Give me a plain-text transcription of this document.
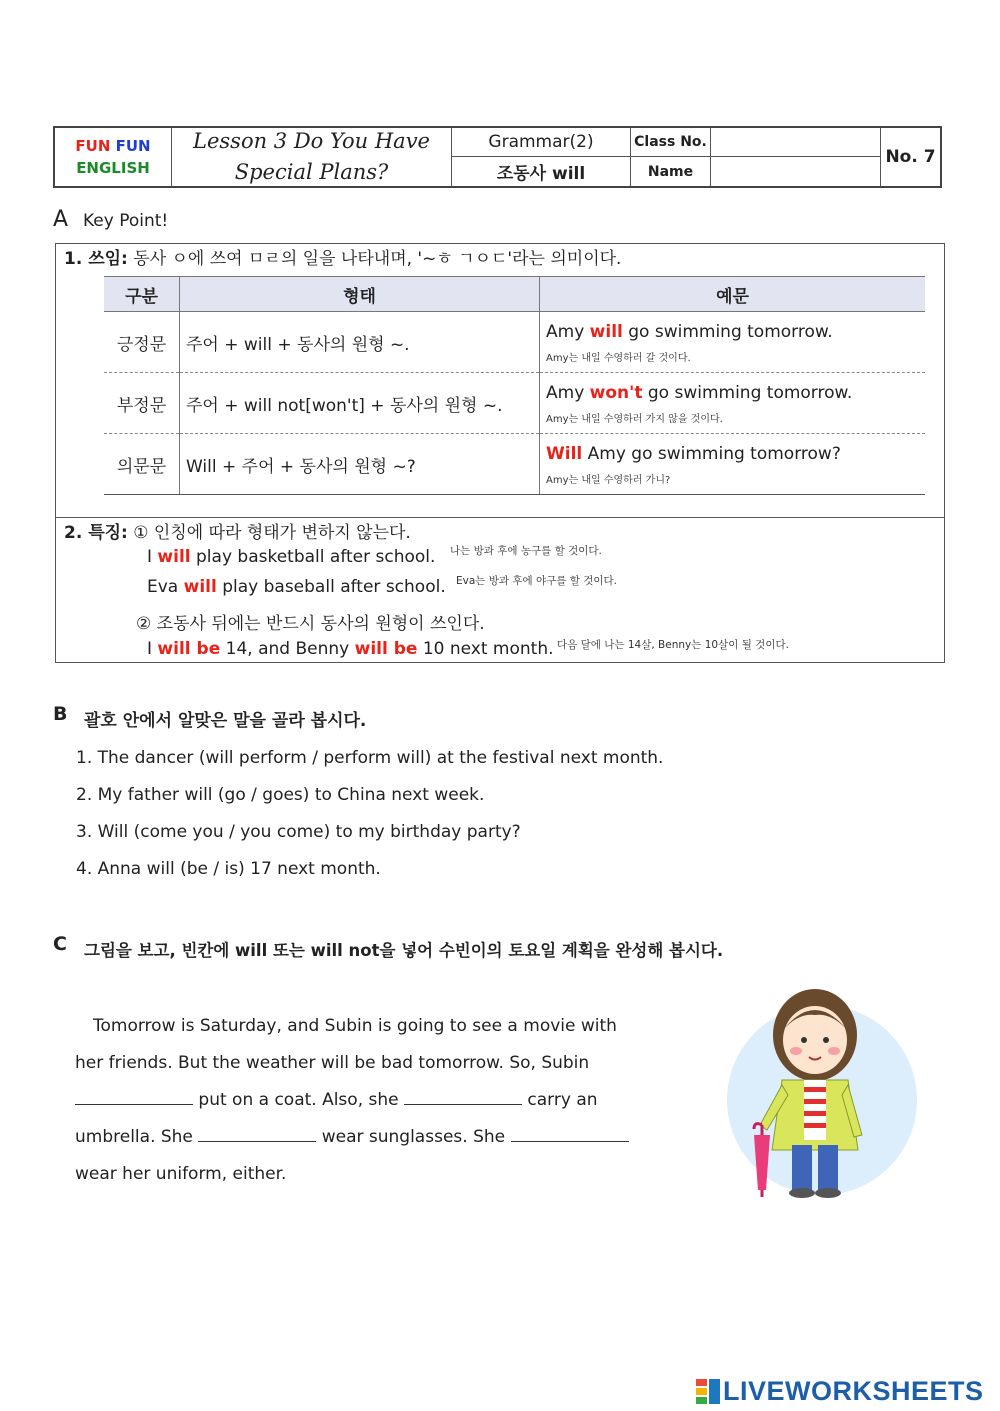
FUN FUN
ENGLISH
Lesson 3 Do You Have
Special Plans?
Grammar(2)
조동사 will
Class No.
Name
No. 7
A Key Point!
1. 쓰임: 동사 ㅇ에 쓰여 ㅁㄹ의 일을 나타내며, '~ㅎ ㄱㅇㄷ'라는 의미이다.
구분	형태	예문
긍정문	주어 + will + 동사의 원형 ~.	Amy will go swimming tomorrow.
Amy는 내일 수영하러 갈 것이다.

부정문	주어 + will not[won't] + 동사의 원형 ~.	Amy won't go swimming tomorrow.
Amy는 내일 수영하러 가지 않을 것이다.

의문문	Will + 주어 + 동사의 원형 ~?	Will Amy go swimming tomorrow?
Amy는 내일 수영하러 가니?
2. 특징: ① 인칭에 따라 형태가 변하지 않는다.
I will play basketball after school. 나는 방과 후에 농구를 할 것이다.
Eva will play baseball after school. Eva는 방과 후에 야구를 할 것이다.
② 조동사 뒤에는 반드시 동사의 원형이 쓰인다.
I will be 14, and Benny will be 10 next month. 다음 달에 나는 14살, Benny는 10살이 될 것이다.
B 괄호 안에서 알맞은 말을 골라 봅시다.
1. The dancer (will perform / perform will) at the festival next month.
2. My father will (go / goes) to China next week.
3. Will (come you / you come) to my birthday party?
4. Anna will (be / is) 17 next month.
C 그림을 보고, 빈칸에 will 또는 will not을 넣어 수빈이의 토요일 계획을 완성해 봅시다.
Tomorrow is Saturday, and Subin is going to see a movie with
her friends. But the weather will be bad tomorrow. So, Subin
put on a coat. Also, she	carry an
umbrella. She	wear sunglasses. She
wear her uniform, either.
LIVEWORKSHEETS
